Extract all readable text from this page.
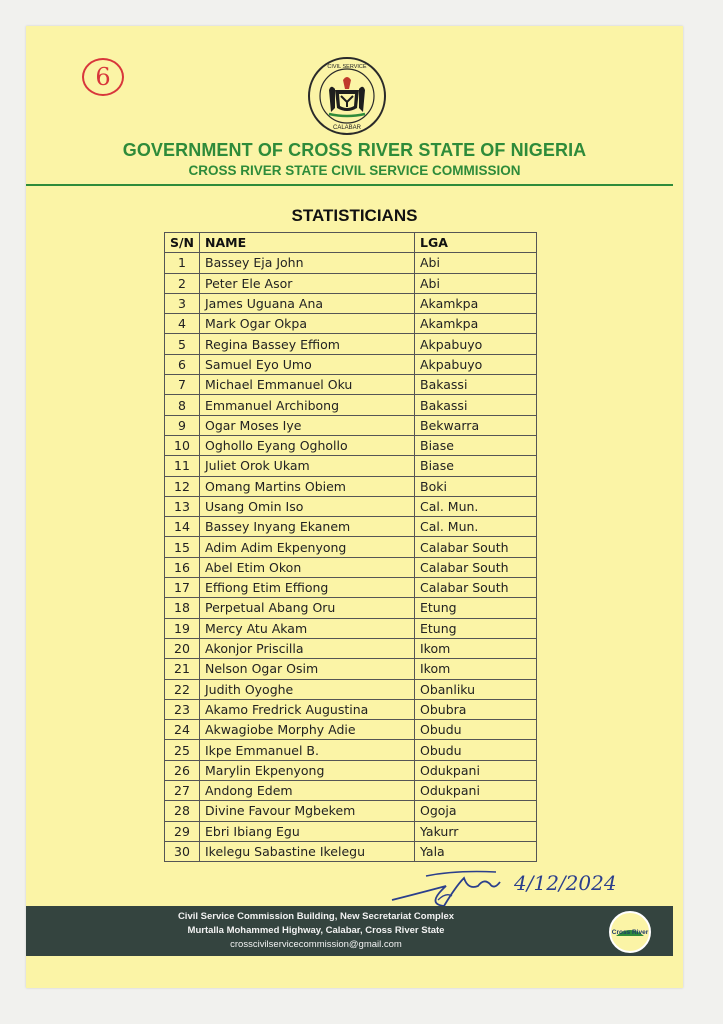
6	CIVIL SERVICE
CALABAR
GOVERNMENT OF CROSS RIVER STATE OF NIGERIA
CROSS RIVER STATE CIVIL SERVICE COMMISSION
STATISTICIANS
S/N	NAME	LGA
1	Bassey Eja John	Abi
2	Peter Ele Asor	Abi
3	James Uguana Ana	Akamkpa
4	Mark Ogar Okpa	Akamkpa
5	Regina Bassey Effiom	Akpabuyo
6	Samuel Eyo Umo	Akpabuyo
7	Michael Emmanuel Oku	Bakassi
8	Emmanuel Archibong	Bakassi
9	Ogar Moses Iye	Bekwarra
10	Oghollo Eyang Oghollo	Biase
11	Juliet Orok Ukam	Biase
12	Omang Martins Obiem	Boki
13	Usang Omin Iso	Cal. Mun.
14	Bassey Inyang Ekanem	Cal. Mun.
15	Adim Adim Ekpenyong	Calabar South
16	Abel Etim Okon	Calabar South
17	Effiong Etim Effiong	Calabar South
18	Perpetual Abang Oru	Etung
19	Mercy Atu Akam	Etung
20	Akonjor Priscilla	Ikom
21	Nelson Ogar Osim	Ikom
22	Judith Oyoghe	Obanliku
23	Akamo Fredrick Augustina	Obubra
24	Akwagiobe Morphy Adie	Obudu
25	Ikpe Emmanuel B.	Obudu
26	Marylin Ekpenyong	Odukpani
27	Andong Edem	Odukpani
28	Divine Favour Mgbekem	Ogoja
29	Ebri Ibiang Egu	Yakurr
30	Ikelegu Sabastine Ikelegu	Yala
4/12/2024
Civil Service Commission Building, New Secretariat Complex
Murtalla Mohammed Highway, Calabar, Cross River State
crosscivilservicecommission@gmail.com
Cross River
